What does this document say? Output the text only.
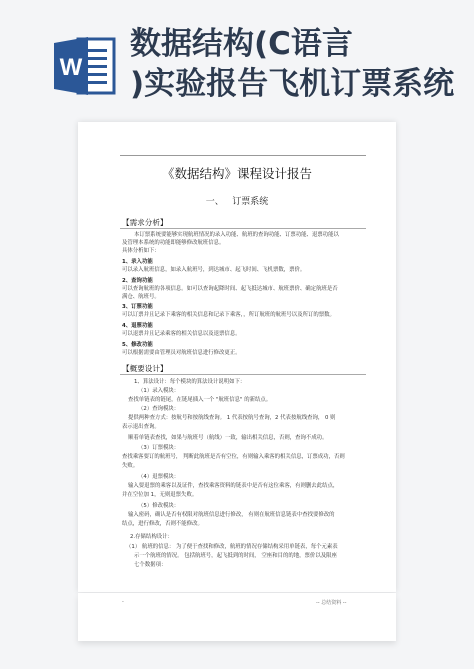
W
数据结构(C语言
)实验报告飞机订票系统
《数据结构》课程设计报告
一、   订票系统
【需求分析】
本订票系统要能够实现航班情况的录入功能、航班的查询功能、订票功能、退票功能以
及管理本系统的功能即能够修改航班信息。
具体分析如下：
1、录入功能
可以录入航班信息，如录入航班号，到达城市、起飞时间、飞机票数，票价。
2、查询功能
可以查询航班的各项信息。如可以查询起降时间、起飞抵达城市、航班票价、确定航班是否
满仓、航班号。
3、订票功能
可以订票并且记录下乘客的相关信息和记录下乘客，，所订航班的航班号以及所订的票数。
4、退票功能
可以退票并且记录乘客的相关信息以及退票信息。
5、修改功能
可以根据需要由管理员对航班信息进行修改更正。
【概要设计】
1、算法设计：每个模块的算法设计说明如下：
（1）录入模块：
查找单链表的链尾，在链尾插入一个 "航班信息" 的新结点。
（2）查询模块：
提供两种查方式：按航号和按航线查询。 1 代表按航号查询，2 代表按航线查询， 0 则
表示退出查询。
顺着单链表查找，如果与航班号（航线）一致，输出相关信息，否则，查询不成功。
（3）订票模块：
查找乘客要订的航班号， 判断此航班是否有空位，有则输入乘客的相关信息，订票成功，否则
失败。
（4）退票模块：
输入要退票的乘客以及证件，查找乘客资料的链表中是否有这位乘客，有则删去此结点，
并在空位加 1，无则退票失败。
（5）修改模块：
输入密码，确认是否有权限对航班信息进行修改， 有则在航班信息链表中查找要修改的
结点，进行修改，否则不能修改。
2.存储结构设计：
（1） 航班的信息： 为了便于查找和修改，航班的情况存储结构采用单链表，每个元素表
示一个航班的情况。 包括航班号，起飞抵到的时间， 空座和目的的地，票价以及限座
七个数据项：
-	-- 总结资料 --
